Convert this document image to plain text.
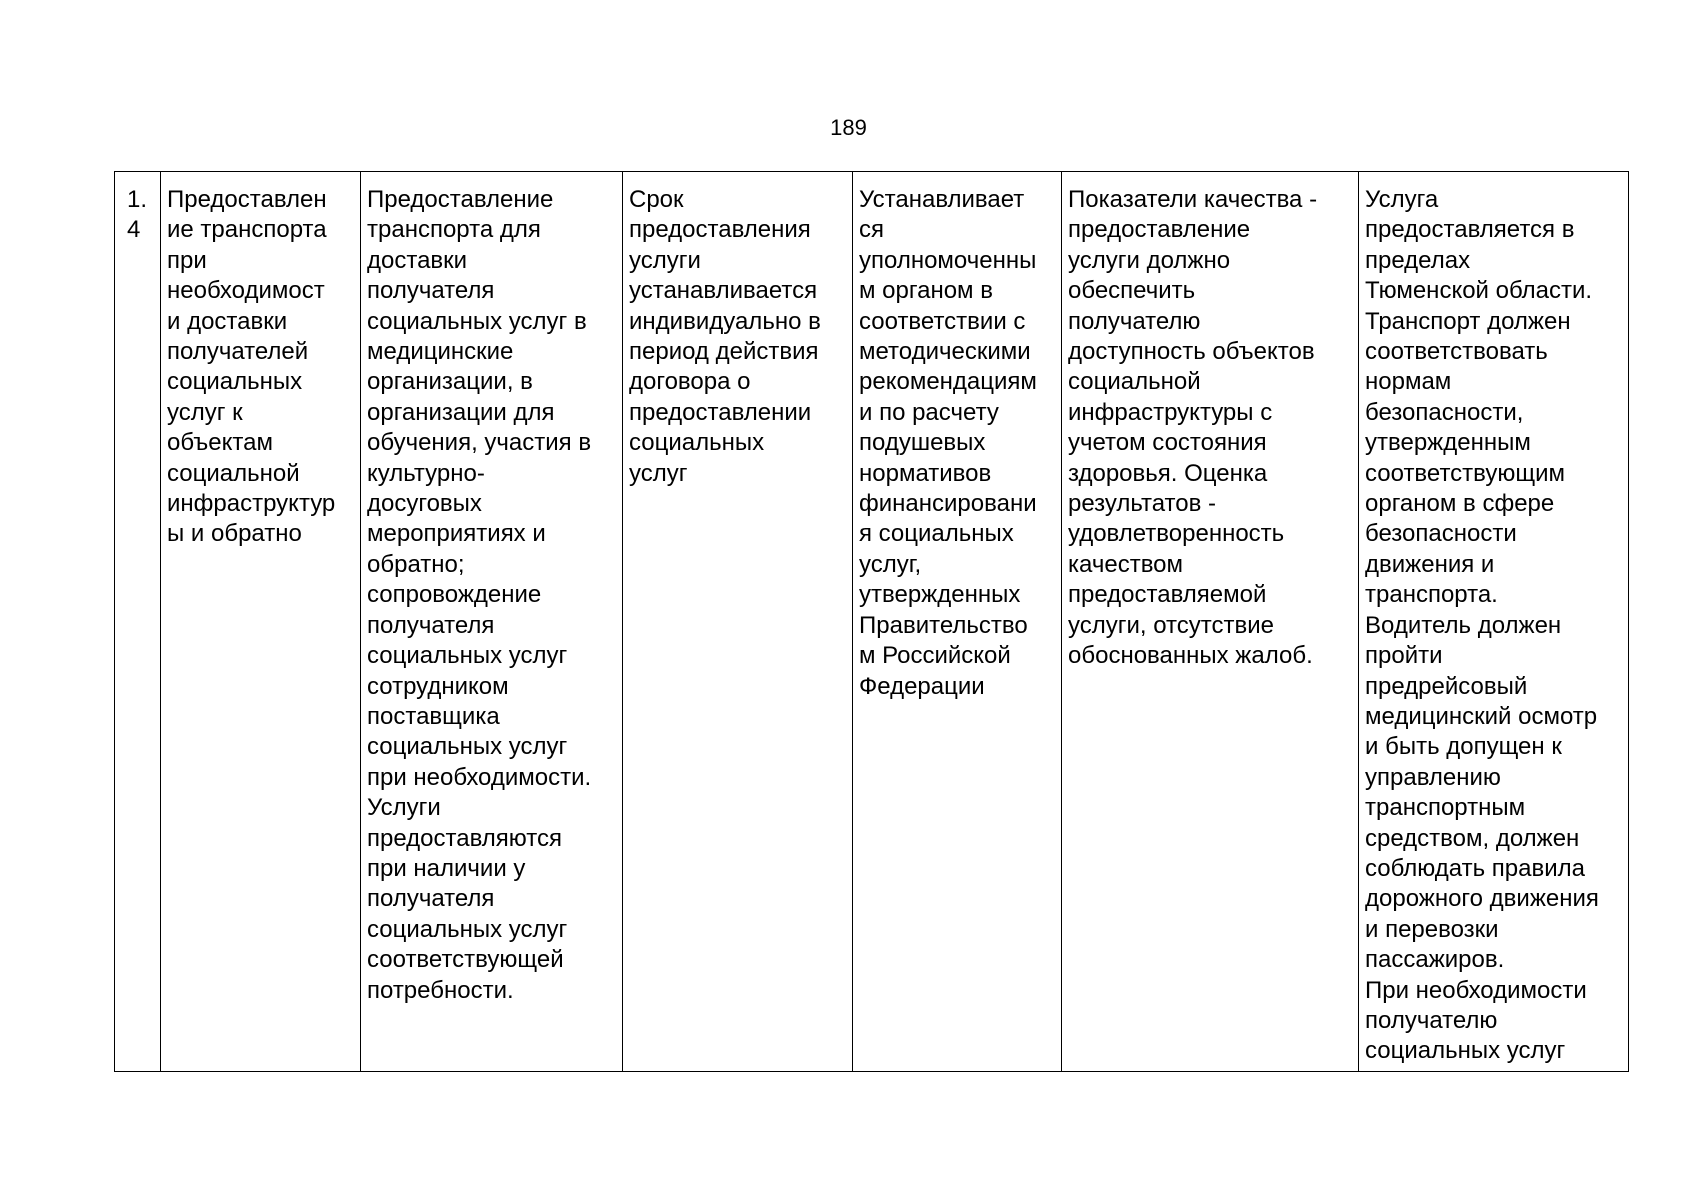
189
1.
4	Предоставлен
ие транспорта
при
необходимост
и доставки
получателей
социальных
услуг к
объектам
социальной
инфраструктур
ы и обратно	Предоставление
транспорта для
доставки
получателя
социальных услуг в
медицинские
организации, в
организации для
обучения, участия в
культурно-
досуговых
мероприятиях и
обратно;
сопровождение
получателя
социальных услуг
сотрудником
поставщика
социальных услуг
при необходимости.
Услуги
предоставляются
при наличии у
получателя
социальных услуг
соответствующей
потребности.	Срок
предоставления
услуги
устанавливается
индивидуально в
период действия
договора о
предоставлении
социальных
услуг	Устанавливает
ся
уполномоченны
м органом в
соответствии с
методическими
рекомендациям
и по расчету
подушевых
нормативов
финансировани
я социальных
услуг,
утвержденных
Правительство
м Российской
Федерации	Показатели качества -
предоставление
услуги должно
обеспечить
получателю
доступность объектов
социальной
инфраструктуры с
учетом состояния
здоровья. Оценка
результатов -
удовлетворенность
качеством
предоставляемой
услуги, отсутствие
обоснованных жалоб.	Услуга
предоставляется в
пределах
Тюменской области.
Транспорт должен
соответствовать
нормам
безопасности,
утвержденным
соответствующим
органом в сфере
безопасности
движения и
транспорта.
Водитель должен
пройти
предрейсовый
медицинский осмотр
и быть допущен к
управлению
транспортным
средством, должен
соблюдать правила
дорожного движения
и перевозки
пассажиров.
При необходимости
получателю
социальных услуг
